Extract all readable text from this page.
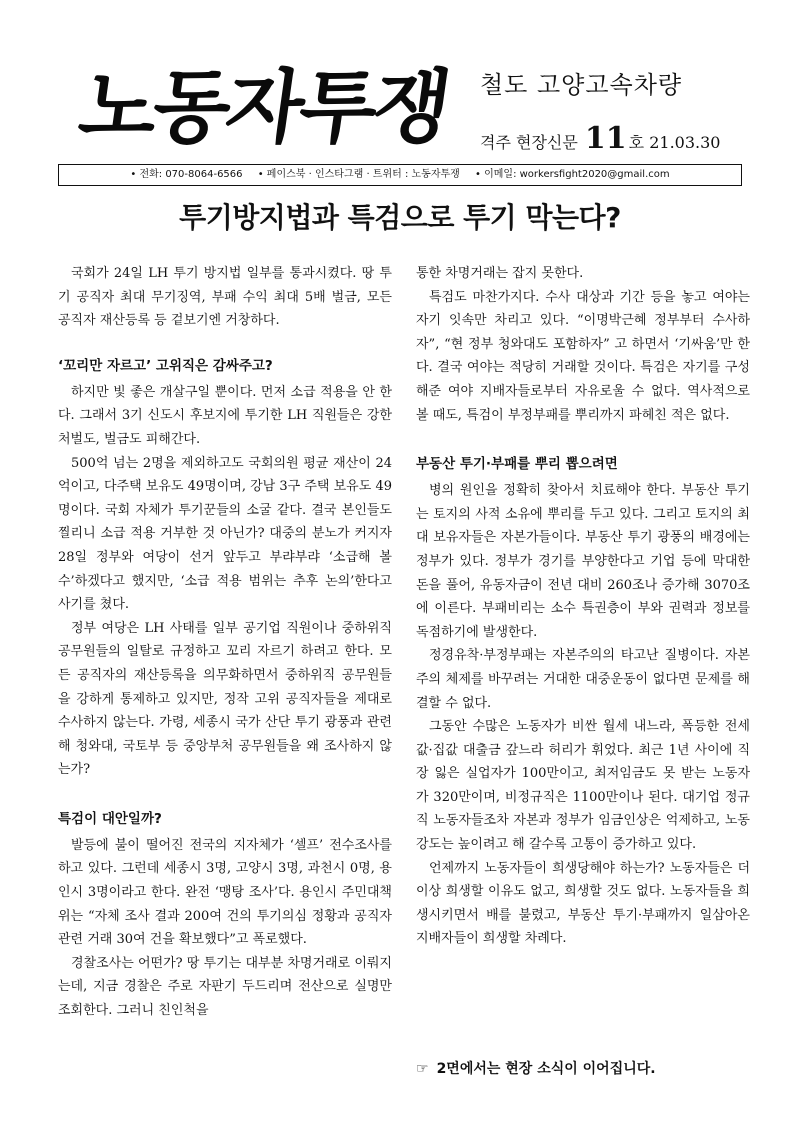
노동자투쟁	철도 고양고속차량
격주 현장신문 11 호 21.03.30
• 전화: 070-8064-6566 • 페이스북 · 인스타그램 · 트위터 : 노동자투쟁 • 이메일: workersfight2020@gmail.com
투기방지법과 특검으로 투기 막는다?

국회가 24일 LH 투기 방지법 일부를 통과시켰다. 땅 투기 공직자 최대 무기징역, 부패 수익 최대 5배 벌금, 모든 공직자 재산등록 등 겉보기엔 거창하다.

‘꼬리만 자르고’ 고위직은 감싸주고?

하지만 빛 좋은 개살구일 뿐이다. 먼저 소급 적용을 안 한다. 그래서 3기 신도시 후보지에 투기한 LH 직원들은 강한 처벌도, 벌금도 피해간다.

500억 넘는 2명을 제외하고도 국회의원 평균 재산이 24억이고, 다주택 보유도 49명이며, 강남 3구 주택 보유도 49명이다. 국회 자체가 투기꾼들의 소굴 같다. 결국 본인들도 찔리니 소급 적용 거부한 것 아닌가? 대중의 분노가 커지자 28일 정부와 여당이 선거 앞두고 부랴부랴 ‘소급해 볼 수’하겠다고 했지만, ‘소급 적용 범위는 추후 논의’한다고 사기를 쳤다.

정부 여당은 LH 사태를 일부 공기업 직원이나 중하위직 공무원들의 일탈로 규정하고 꼬리 자르기 하려고 한다. 모든 공직자의 재산등록을 의무화하면서 중하위직 공무원들을 강하게 통제하고 있지만, 정작 고위 공직자들을 제대로 수사하지 않는다. 가령, 세종시 국가 산단 투기 광풍과 관련해 청와대, 국토부 등 중앙부처 공무원들을 왜 조사하지 않는가?

특검이 대안일까?

발등에 불이 떨어진 전국의 지자체가 ‘셀프’ 전수조사를 하고 있다. 그런데 세종시 3명, 고양시 3명, 과천시 0명, 용인시 3명이라고 한다. 완전 ‘맹탕 조사’다. 용인시 주민대책위는 “자체 조사 결과 200여 건의 투기의심 정황과 공직자 관련 거래 30여 건을 확보했다”고 폭로했다.

경찰조사는 어떤가? 땅 투기는 대부분 차명거래로 이뤄지는데, 지금 경찰은 주로 자판기 두드리며 전산으로 실명만 조회한다. 그러니 친인척을

통한 차명거래는 잡지 못한다.

특검도 마찬가지다. 수사 대상과 기간 등을 놓고 여야는 자기 잇속만 차리고 있다. “이명박근혜 정부부터 수사하자”, “현 정부 청와대도 포함하자” 고 하면서 ‘기싸움’만 한다. 결국 여야는 적당히 거래할 것이다. 특검은 자기를 구성해준 여야 지배자들로부터 자유로울 수 없다. 역사적으로 볼 때도, 특검이 부정부패를 뿌리까지 파헤친 적은 없다.

부동산 투기·부패를 뿌리 뽑으려면

병의 원인을 정확히 찾아서 치료해야 한다. 부동산 투기는 토지의 사적 소유에 뿌리를 두고 있다. 그리고 토지의 최대 보유자들은 자본가들이다. 부동산 투기 광풍의 배경에는 정부가 있다. 정부가 경기를 부양한다고 기업 등에 막대한 돈을 풀어, 유동자금이 전년 대비 260조나 증가해 3070조에 이른다. 부패비리는 소수 특권층이 부와 권력과 정보를 독점하기에 발생한다.

정경유착·부정부패는 자본주의의 타고난 질병이다. 자본주의 체제를 바꾸려는 거대한 대중운동이 없다면 문제를 해결할 수 없다.

그동안 수많은 노동자가 비싼 월세 내느라, 폭등한 전세값·집값 대출금 갚느라 허리가 휘었다. 최근 1년 사이에 직장 잃은 실업자가 100만이고, 최저임금도 못 받는 노동자가 320만이며, 비정규직은 1100만이나 된다. 대기업 정규직 노동자들조차 자본과 정부가 임금인상은 억제하고, 노동강도는 높이려고 해 갈수록 고통이 증가하고 있다.

언제까지 노동자들이 희생당해야 하는가? 노동자들은 더 이상 희생할 이유도 없고, 희생할 것도 없다. 노동자들을 희생시키면서 배를 불렸고, 부동산 투기·부패까지 일삼아온 지배자들이 희생할 차례다.

☞ 2면에서는 현장 소식이 이어집니다.
